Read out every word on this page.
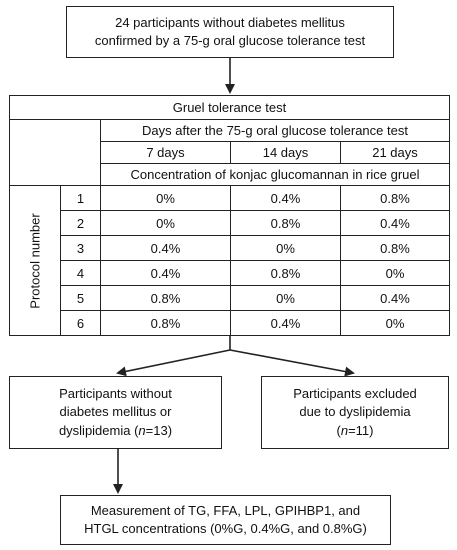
24 participants without diabetes mellitus
confirmed by a 75-g oral glucose tolerance test
Gruel tolerance test				
		Days after the 75-g oral glucose tolerance test		
		7 days	14 days	21 days
		Concentration of konjac glucomannan in rice gruel		

Protocol number	1	0%	0.4%	0.8%
	2	0%	0.8%	0.4%
	3	0.4%	0%	0.8%
	4	0.4%	0.8%	0%
	5	0.8%	0%	0.4%
	6	0.8%	0.4%	0%
Participants without
diabetes mellitus or
dyslipidemia (n=13)
Participants excluded
due to dyslipidemia
(n=11)
Measurement of TG, FFA, LPL, GPIHBP1, and
HTGL concentrations (0%G, 0.4%G, and 0.8%G)
